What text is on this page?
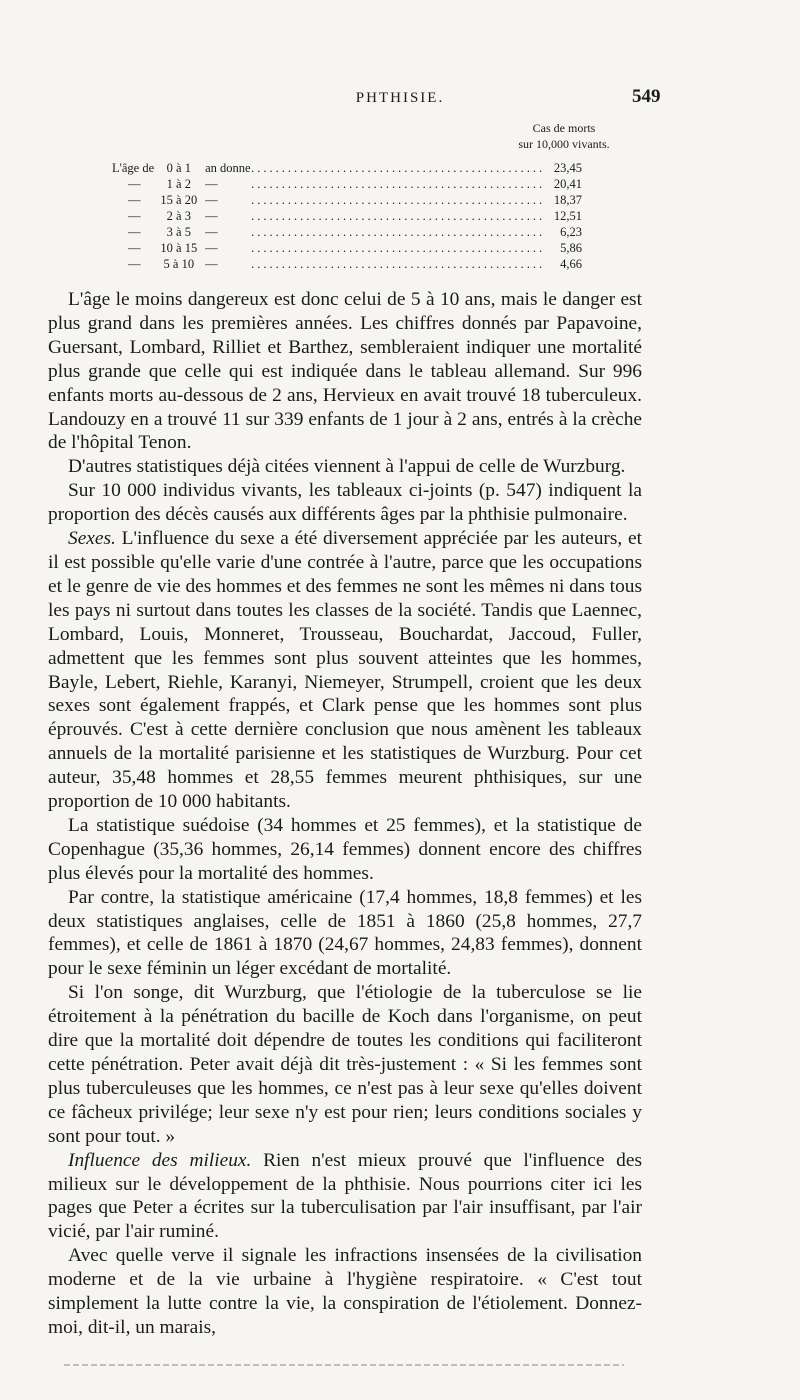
PHTHISIE.	549
Cas de morts
sur 10,000 vivants.
L'âge de 0 à 1	an donne ................................................ 23,45
—	1 à 2	—	................................................ 20,41
—	15 à 20 —	................................................ 18,37
—	2 à 3	—	................................................ 12,51
—	3 à 5	—	................................................	6,23
—	10 à 15 —	................................................	5,86
—	5 à 10 —	................................................	4,66

L'âge le moins dangereux est donc celui de 5 à 10 ans, mais le danger est plus grand dans les premières années. Les chiffres donnés par Papavoine, Guersant, Lombard, Rilliet et Barthez, sembleraient indiquer une mortalité plus grande que celle qui est indiquée dans le tableau allemand. Sur 996 enfants morts au-dessous de 2 ans, Hervieux en avait trouvé 18 tuberculeux. Landouzy en a trouvé 11 sur 339 enfants de 1 jour à 2 ans, entrés à la crèche de l'hôpital Tenon.

D'autres statistiques déjà citées viennent à l'appui de celle de Wurzburg.

Sur 10 000 individus vivants, les tableaux ci-joints (p. 547) indiquent la proportion des décès causés aux différents âges par la phthisie pulmonaire.

Sexes. L'influence du sexe a été diversement appréciée par les auteurs, et il est possible qu'elle varie d'une contrée à l'autre, parce que les occupations et le genre de vie des hommes et des femmes ne sont les mêmes ni dans tous les pays ni surtout dans toutes les classes de la société. Tandis que Laennec, Lombard, Louis, Monneret, Trousseau, Bouchardat, Jaccoud, Fuller, admettent que les femmes sont plus souvent atteintes que les hommes, Bayle, Lebert, Riehle, Karanyi, Niemeyer, Strumpell, croient que les deux sexes sont également frappés, et Clark pense que les hommes sont plus éprouvés. C'est à cette dernière conclusion que nous amènent les tableaux annuels de la mortalité parisienne et les statistiques de Wurzburg. Pour cet auteur, 35,48 hommes et 28,55 femmes meurent phthisiques, sur une proportion de 10 000 habitants.

La statistique suédoise (34 hommes et 25 femmes), et la statistique de Copenhague (35,36 hommes, 26,14 femmes) donnent encore des chiffres plus élevés pour la mortalité des hommes.

Par contre, la statistique américaine (17,4 hommes, 18,8 femmes) et les deux statistiques anglaises, celle de 1851 à 1860 (25,8 hommes, 27,7 femmes), et celle de 1861 à 1870 (24,67 hommes, 24,83 femmes), donnent pour le sexe féminin un léger excédant de mortalité.

Si l'on songe, dit Wurzburg, que l'étiologie de la tuberculose se lie étroitement à la pénétration du bacille de Koch dans l'organisme, on peut dire que la mortalité doit dépendre de toutes les conditions qui faciliteront cette pénétration. Peter avait déjà dit très-justement : « Si les femmes sont plus tuberculeuses que les hommes, ce n'est pas à leur sexe qu'elles doivent ce fâcheux privilége; leur sexe n'y est pour rien; leurs conditions sociales y sont pour tout. »

Influence des milieux. Rien n'est mieux prouvé que l'influence des milieux sur le développement de la phthisie. Nous pourrions citer ici les pages que Peter a écrites sur la tuberculisation par l'air insuffisant, par l'air vicié, par l'air ruminé.

Avec quelle verve il signale les infractions insensées de la civilisation moderne et de la vie urbaine à l'hygiène respiratoire. « C'est tout simplement la lutte contre la vie, la conspiration de l'étiolement. Donnez-moi, dit-il, un marais,
